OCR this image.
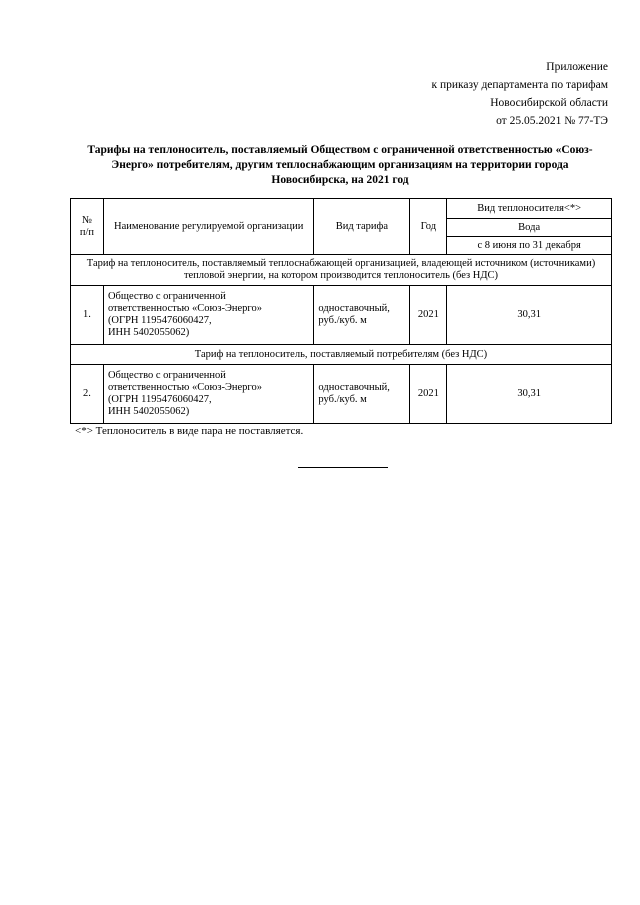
Приложение
к приказу департамента по тарифам
Новосибирской области
от 25.05.2021 № 77-ТЭ
Тарифы на теплоноситель, поставляемый Обществом с ограниченной ответственностью «Союз-Энерго» потребителям, другим теплоснабжающим организациям на территории города Новосибирска, на 2021 год
№
п/п	Наименование регулируемой организации	Вид тарифа	Год	Вид теплоносителя<*>
				Вода
				с 8 июня по 31 декабря
Тариф на теплоноситель, поставляемый теплоснабжающей организацией, владеющей источником (источниками) тепловой энергии, на котором производится теплоноситель (без НДС)				
1.	Общество с ограниченной
ответственностью «Союз-Энерго»
(ОГРН 1195476060427,
ИНН 5402055062)	одноставочный,
руб./куб. м	2021	30,31
Тариф на теплоноситель, поставляемый потребителям (без НДС)				
2.	Общество с ограниченной
ответственностью «Союз-Энерго»
(ОГРН 1195476060427,
ИНН 5402055062)	одноставочный,
руб./куб. м	2021	30,31
<*> Теплоноситель в виде пара не поставляется.
